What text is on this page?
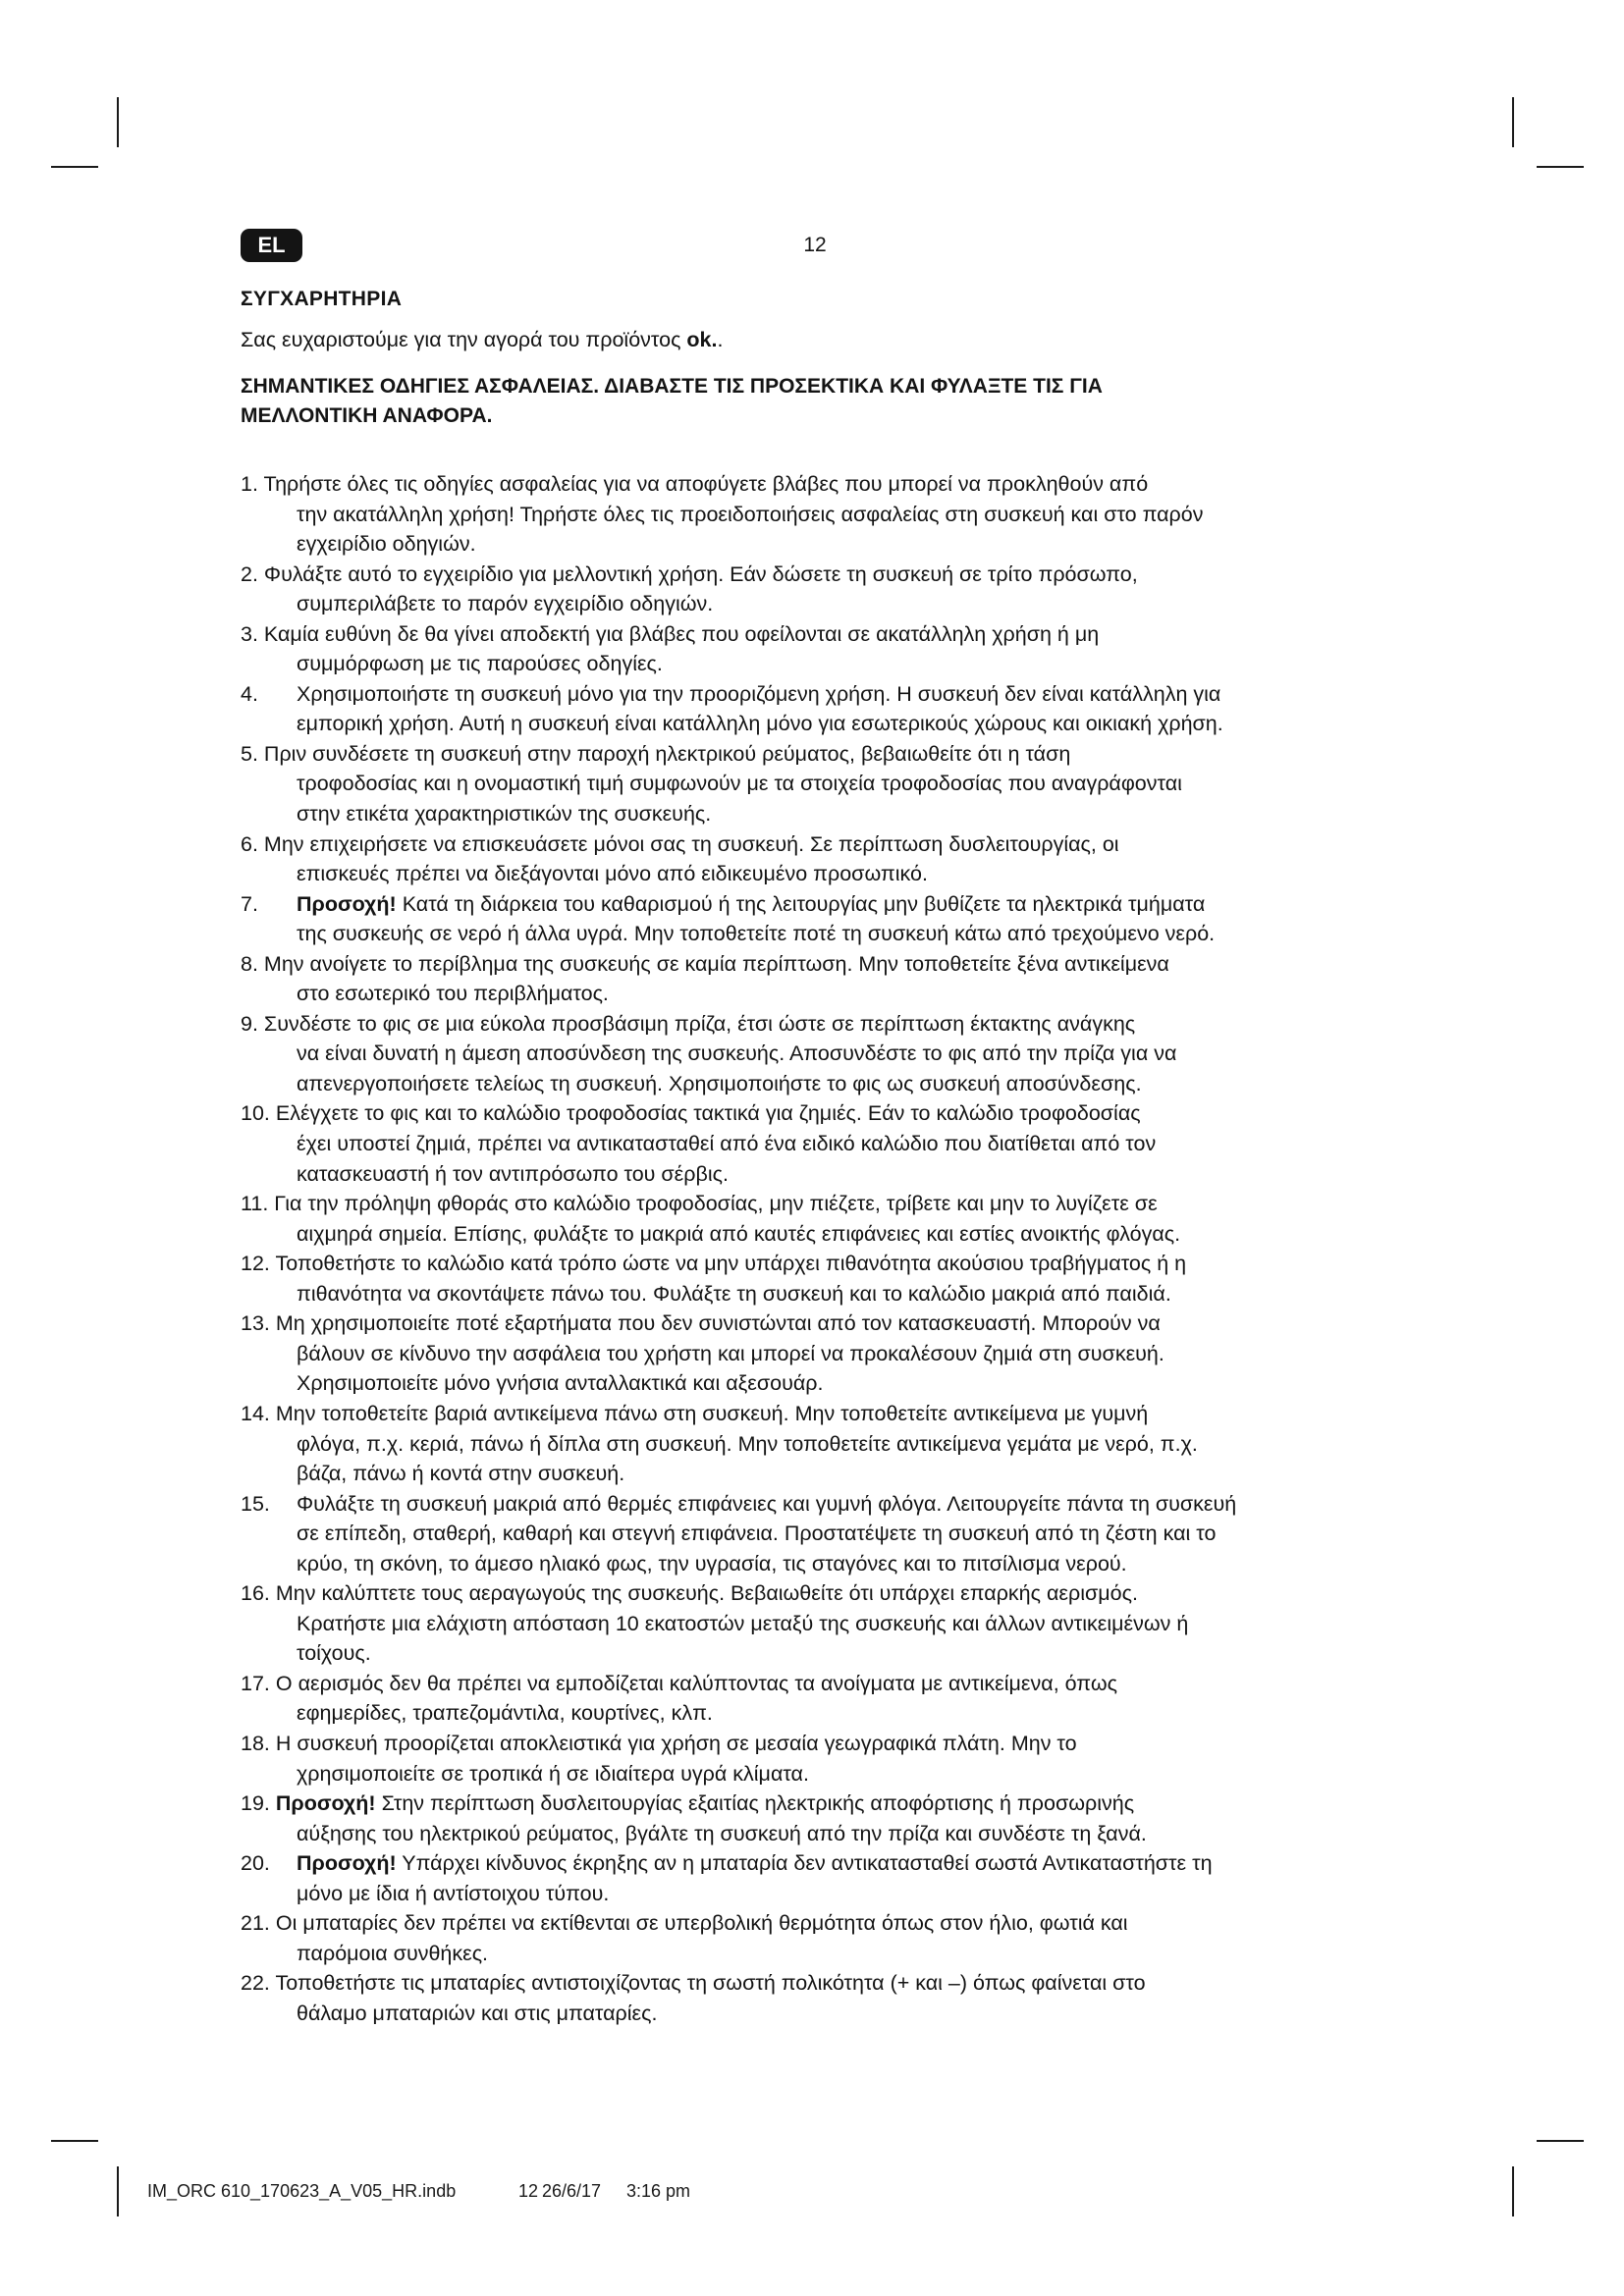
EL	12
ΣΥΓΧΑΡΗΤΗΡΙΑ
Σας ευχαριστούμε για την αγορά του προϊόντος ok..
ΣΗΜΑΝΤΙΚΕΣ ΟΔΗΓΙΕΣ ΑΣΦΑΛΕΙΑΣ. ΔΙΑΒΑΣΤΕ ΤΙΣ ΠΡΟΣΕΚΤΙΚΑ ΚΑΙ ΦΥΛΑΞΤΕ ΤΙΣ ΓΙΑ
ΜΕΛΛΟΝΤΙΚΗ ΑΝΑΦΟΡΑ.
1. Τηρήστε όλες τις οδηγίες ασφαλείας για να αποφύγετε βλάβες που μπορεί να προκληθούν από
την ακατάλληλη χρήση! Τηρήστε όλες τις προειδοποιήσεις ασφαλείας στη συσκευή και στο παρόν
εγχειρίδιο οδηγιών.
2. Φυλάξτε αυτό το εγχειρίδιο για μελλοντική χρήση. Εάν δώσετε τη συσκευή σε τρίτο πρόσωπο,
συμπεριλάβετε το παρόν εγχειρίδιο οδηγιών.
3. Καμία ευθύνη δε θα γίνει αποδεκτή για βλάβες που οφείλονται σε ακατάλληλη χρήση ή μη
συμμόρφωση με τις παρούσες οδηγίες.
4. Χρησιμοποιήστε τη συσκευή μόνο για την προοριζόμενη χρήση. Η συσκευή δεν είναι κατάλληλη για
εμπορική χρήση. Αυτή η συσκευή είναι κατάλληλη μόνο για εσωτερικούς χώρους και οικιακή χρήση.
5. Πριν συνδέσετε τη συσκευή στην παροχή ηλεκτρικού ρεύματος, βεβαιωθείτε ότι η τάση
τροφοδοσίας και η ονομαστική τιμή συμφωνούν με τα στοιχεία τροφοδοσίας που αναγράφονται
στην ετικέτα χαρακτηριστικών της συσκευής.
6. Μην επιχειρήσετε να επισκευάσετε μόνοι σας τη συσκευή. Σε περίπτωση δυσλειτουργίας, οι
επισκευές πρέπει να διεξάγονται μόνο από ειδικευμένο προσωπικό.
7. Προσοχή! Κατά τη διάρκεια του καθαρισμού ή της λειτουργίας μην βυθίζετε τα ηλεκτρικά τμήματα
της συσκευής σε νερό ή άλλα υγρά. Μην τοποθετείτε ποτέ τη συσκευή κάτω από τρεχούμενο νερό.
8. Μην ανοίγετε το περίβλημα της συσκευής σε καμία περίπτωση. Μην τοποθετείτε ξένα αντικείμενα
στο εσωτερικό του περιβλήματος.
9. Συνδέστε το φις σε μια εύκολα προσβάσιμη πρίζα, έτσι ώστε σε περίπτωση έκτακτης ανάγκης
να είναι δυνατή η άμεση αποσύνδεση της συσκευής. Αποσυνδέστε το φις από την πρίζα για να
απενεργοποιήσετε τελείως τη συσκευή. Χρησιμοποιήστε το φις ως συσκευή αποσύνδεσης.
10. Ελέγχετε το φις και το καλώδιο τροφοδοσίας τακτικά για ζημιές. Εάν το καλώδιο τροφοδοσίας
έχει υποστεί ζημιά, πρέπει να αντικατασταθεί από ένα ειδικό καλώδιο που διατίθεται από τον
κατασκευαστή ή τον αντιπρόσωπο του σέρβις.
11. Για την πρόληψη φθοράς στο καλώδιο τροφοδοσίας, μην πιέζετε, τρίβετε και μην το λυγίζετε σε
αιχμηρά σημεία. Επίσης, φυλάξτε το μακριά από καυτές επιφάνειες και εστίες ανοικτής φλόγας.
12. Τοποθετήστε το καλώδιο κατά τρόπο ώστε να μην υπάρχει πιθανότητα ακούσιου τραβήγματος ή η
πιθανότητα να σκοντάψετε πάνω του. Φυλάξτε τη συσκευή και το καλώδιο μακριά από παιδιά.
13. Μη χρησιμοποιείτε ποτέ εξαρτήματα που δεν συνιστώνται από τον κατασκευαστή. Μπορούν να
βάλουν σε κίνδυνο την ασφάλεια του χρήστη και μπορεί να προκαλέσουν ζημιά στη συσκευή.
Χρησιμοποιείτε μόνο γνήσια ανταλλακτικά και αξεσουάρ.
14. Μην τοποθετείτε βαριά αντικείμενα πάνω στη συσκευή. Μην τοποθετείτε αντικείμενα με γυμνή
φλόγα, π.χ. κεριά, πάνω ή δίπλα στη συσκευή. Μην τοποθετείτε αντικείμενα γεμάτα με νερό, π.χ.
βάζα, πάνω ή κοντά στην συσκευή.
15. Φυλάξτε τη συσκευή μακριά από θερμές επιφάνειες και γυμνή φλόγα. Λειτουργείτε πάντα τη συσκευή
σε επίπεδη, σταθερή, καθαρή και στεγνή επιφάνεια. Προστατέψετε τη συσκευή από τη ζέστη και το
κρύο, τη σκόνη, το άμεσο ηλιακό φως, την υγρασία, τις σταγόνες και το πιτσίλισμα νερού.
16. Μην καλύπτετε τους αεραγωγούς της συσκευής. Βεβαιωθείτε ότι υπάρχει επαρκής αερισμός.
Κρατήστε μια ελάχιστη απόσταση 10 εκατοστών μεταξύ της συσκευής και άλλων αντικειμένων ή
τοίχους.
17. Ο αερισμός δεν θα πρέπει να εμποδίζεται καλύπτοντας τα ανοίγματα με αντικείμενα, όπως
εφημερίδες, τραπεζομάντιλα, κουρτίνες, κλπ.
18. Η συσκευή προορίζεται αποκλειστικά για χρήση σε μεσαία γεωγραφικά πλάτη. Μην το
χρησιμοποιείτε σε τροπικά ή σε ιδιαίτερα υγρά κλίματα.
19. Προσοχή! Στην περίπτωση δυσλειτουργίας εξαιτίας ηλεκτρικής αποφόρτισης ή προσωρινής
αύξησης του ηλεκτρικού ρεύματος, βγάλτε τη συσκευή από την πρίζα και συνδέστε τη ξανά.
20. Προσοχή! Υπάρχει κίνδυνος έκρηξης αν η μπαταρία δεν αντικατασταθεί σωστά Αντικαταστήστε τη
μόνο με ίδια ή αντίστοιχου τύπου.
21. Οι μπαταρίες δεν πρέπει να εκτίθενται σε υπερβολική θερμότητα όπως στον ήλιο, φωτιά και
παρόμοια συνθήκες.
22. Τοποθετήστε τις μπαταρίες αντιστοιχίζοντας τη σωστή πολικότητα (+ και –) όπως φαίνεται στο
θάλαμο μπαταριών και στις μπαταρίες.
IM_ORC 610_170623_A_V05_HR.indb	12 26/6/17 3:16 pm
